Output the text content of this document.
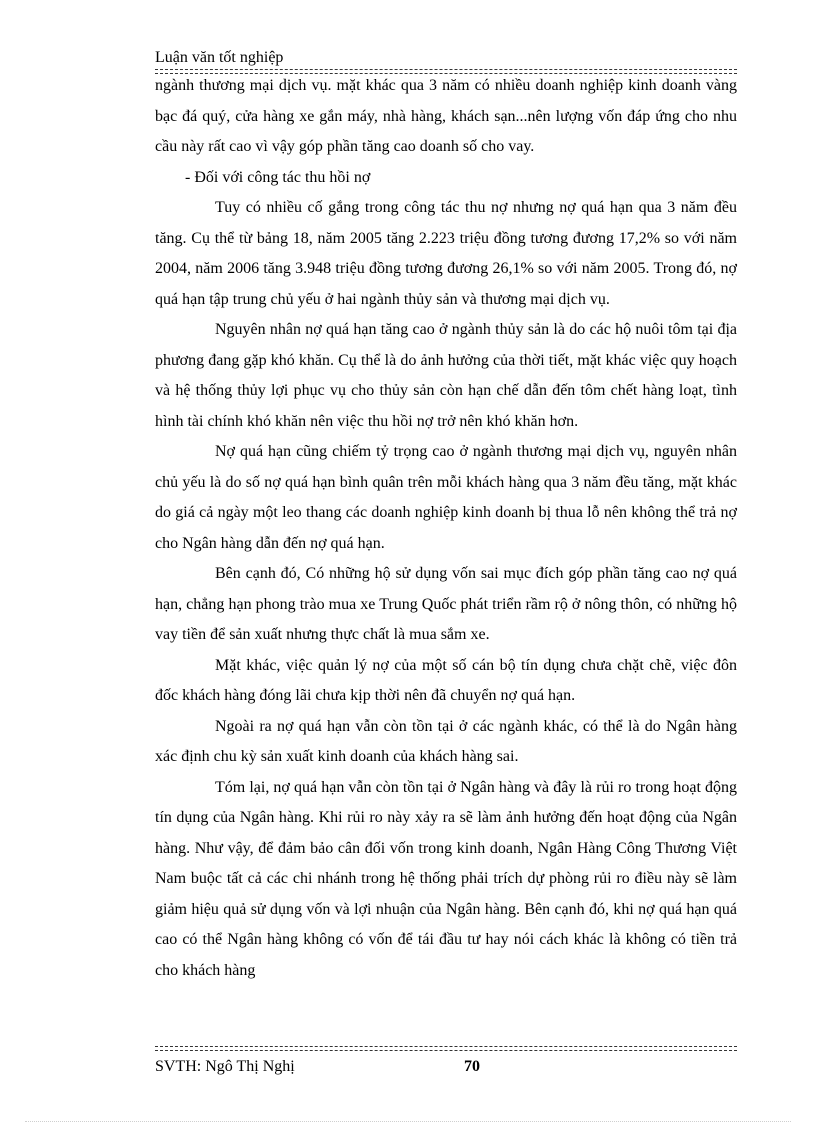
Luận văn tốt nghiệp

ngành thương mại dịch vụ. mặt khác qua 3 năm có nhiều doanh nghiệp kinh doanh vàng bạc đá quý, cửa hàng xe gắn máy, nhà hàng, khách sạn...nên lượng vốn đáp ứng cho nhu cầu này rất cao vì vậy góp phần tăng cao doanh số cho vay.

- Đối với công tác thu hồi nợ

Tuy có nhiều cố gắng trong công tác thu nợ nhưng nợ quá hạn qua 3 năm đều tăng. Cụ thể từ bảng 18, năm 2005 tăng 2.223 triệu đồng tương đương 17,2% so với năm 2004, năm 2006 tăng 3.948 triệu đồng tương đương 26,1% so với năm 2005. Trong đó, nợ quá hạn tập trung chủ yếu ở hai ngành thủy sản và thương mại dịch vụ.

Nguyên nhân nợ quá hạn tăng cao ở ngành thủy sản là do các hộ nuôi tôm tại địa phương đang gặp khó khăn. Cụ thể là do ảnh hưởng của thời tiết, mặt khác việc quy hoạch và hệ thống thủy lợi phục vụ cho thủy sản còn hạn chế dẫn đến tôm chết hàng loạt, tình hình tài chính khó khăn nên việc thu hồi nợ trở nên khó khăn hơn.

Nợ quá hạn cũng chiếm tỷ trọng cao ở ngành thương mại dịch vụ, nguyên nhân chủ yếu là do số nợ quá hạn bình quân trên mỗi khách hàng qua 3 năm đều tăng, mặt khác do giá cả ngày một leo thang các doanh nghiệp kinh doanh bị thua lỗ nên không thể trả nợ cho Ngân hàng dẫn đến nợ quá hạn.

Bên cạnh đó, Có những hộ sử dụng vốn sai mục đích góp phần tăng cao nợ quá hạn, chẳng hạn phong trào mua xe Trung Quốc phát triển rầm rộ ở nông thôn, có những hộ vay tiền để sản xuất nhưng thực chất là mua sắm xe.

Mặt khác, việc quản lý nợ của một số cán bộ tín dụng chưa chặt chẽ, việc đôn đốc khách hàng đóng lãi chưa kịp thời nên đã chuyển nợ quá hạn.

Ngoài ra nợ quá hạn vẫn còn tồn tại ở các ngành khác, có thể là do Ngân hàng xác định chu kỳ sản xuất kinh doanh của khách hàng sai.

Tóm lại, nợ quá hạn vẫn còn tồn tại ở Ngân hàng và đây là rủi ro trong hoạt động tín dụng của Ngân hàng. Khi rủi ro này xảy ra sẽ làm ảnh hưởng đến hoạt động của Ngân hàng. Như vậy, để đảm bảo cân đối vốn trong kinh doanh, Ngân Hàng Công Thương Việt Nam buộc tất cả các chi nhánh trong hệ thống phải trích dự phòng rủi ro điều này sẽ làm giảm hiệu quả sử dụng vốn và lợi nhuận của Ngân hàng. Bên cạnh đó, khi nợ quá hạn quá cao có thể Ngân hàng không có vốn để tái đầu tư hay nói cách khác là không có tiền trả cho khách hàng

SVTH: Ngô Thị Nghị	70
